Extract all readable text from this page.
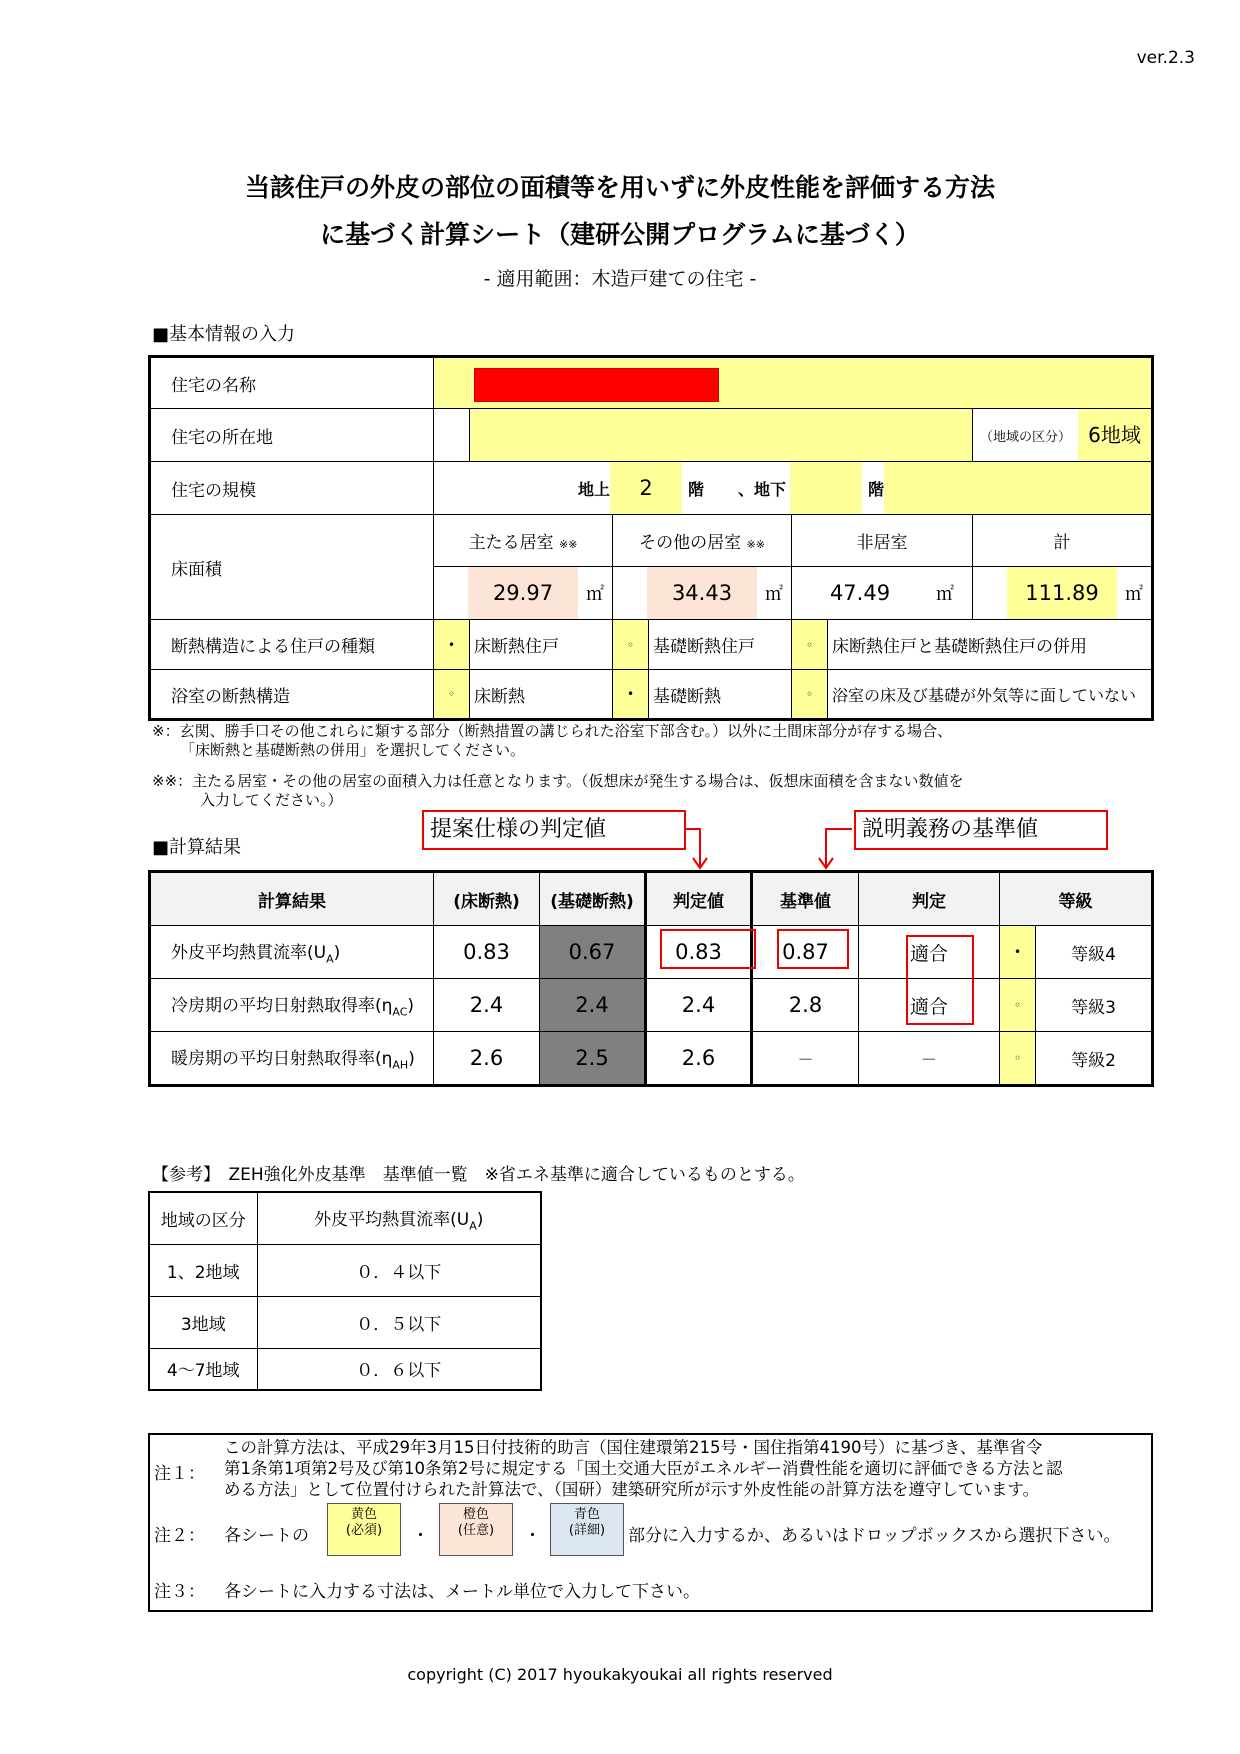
ver.2.3
当該住戸の外皮の部位の面積等を用いずに外皮性能を評価する方法
に基づく計算シート（建研公開プログラムに基づく）
- 適用範囲：木造戸建ての住宅 -
■基本情報の入力
住宅の名称							

住宅の所在地							（地域の区分） 6地域

住宅の規模	地上 2 階 、地下 階						

床面積	主たる居室 ※※		その他の居室 ※※		非居室		計

	29.97 ㎡		34.43 ㎡		47.49 ㎡		111.89 ㎡

断熱構造による住戸の種類	•	床断熱住戸	◦	基礎断熱住戸	◦	床断熱住戸と基礎断熱住戸の併用	
浴室の断熱構造	◦	床断熱	•	基礎断熱	◦	浴室の床及び基礎が外気等に面していない	
※：玄関、勝手口その他これらに類する部分（断熱措置の講じられた浴室下部含む。）以外に土間床部分が存する場合、
「床断熱と基礎断熱の併用」を選択してください。
※※：主たる居室・その他の居室の面積入力は任意となります。（仮想床が発生する場合は、仮想床面積を含まない数値を
入力してください。）
■計算結果
提案仕様の判定値	説明義務の基準値
計算結果	(床断熱)	(基礎断熱)	判定値	基準値	判定	等級	
外皮平均熱貫流率$(U_A)$	0.83	0.67	0.83	0.87	適合	•	等級4
冷房期の平均日射熱取得率$(\eta_{AC})$	2.4	2.4	2.4	2.8	適合	◦	等級3
暖房期の平均日射熱取得率$(\eta_{AH})$	2.6	2.5	2.6	－	－	◦	等級2
【参考】　ZEH強化外皮基準　基準値一覧　※省エネ基準に適合しているものとする。
地域の区分	外皮平均熱貫流率$(U_A)$
1、2地域	０．４以下
3地域	０．５以下
4～7地域	０．６以下
注１：
この計算方法は、平成29年3月15日付技術的助言（国住建環第215号・国住指第4190号）に基づき、基準省令
第1条第1項第2号及び第10条第2号に規定する「国土交通大臣がエネルギー消費性能を適切に評価できる方法と認
める方法」として位置付けられた計算法で、（国研）建築研究所が示す外皮性能の計算方法を遵守しています。
注２： 各シートの
黄色
(必須)	・
橙色
(任意)	・
青色
(詳細)	部分に入力するか、あるいはドロップボックスから選択下さい。
注３： 各シートに入力する寸法は、メートル単位で入力して下さい。
copyright (C) 2017 hyoukakyoukai all rights reserved
